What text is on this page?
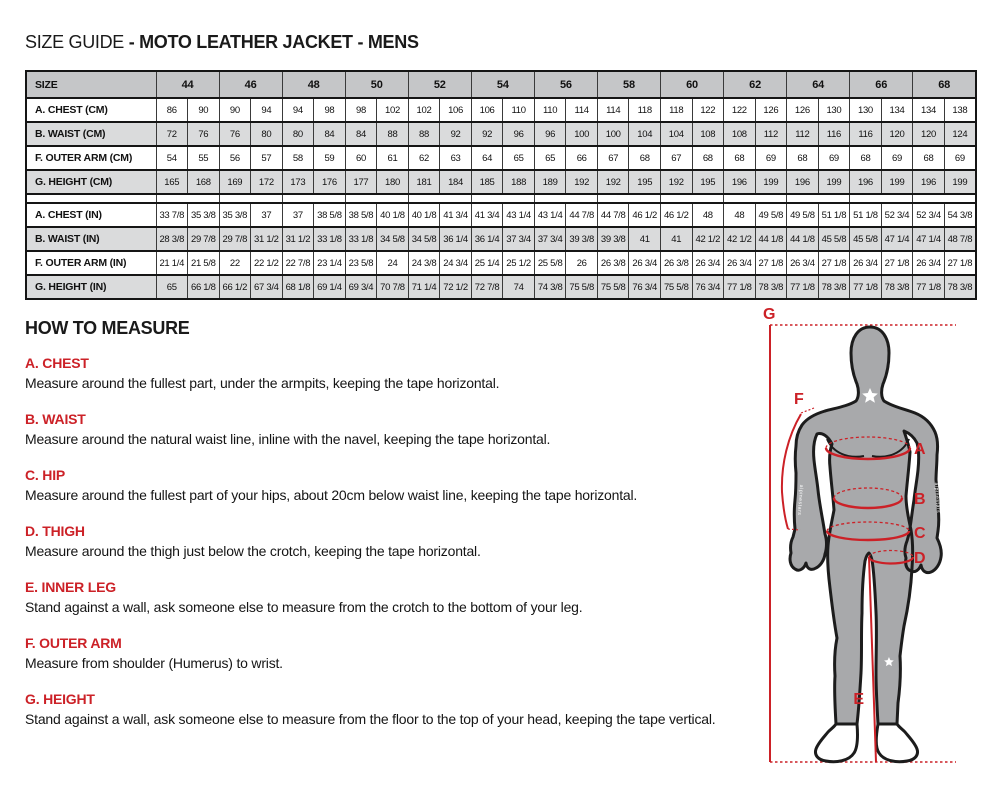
SIZE GUIDE - MOTO LEATHER JACKET - MENS
SIZE	44		46		48		50		52		54		56		58		60		62		64		66		68	
A. CHEST (CM)	86	90	90	94	94	98	98	102	102	106	106	110	110	114	114	118	118	122	122	126	126	130	130	134	134	138
B. WAIST (CM)	72	76	76	80	80	84	84	88	88	92	92	96	96	100	100	104	104	108	108	112	112	116	116	120	120	124
F. OUTER ARM (CM)	54	55	56	57	58	59	60	61	62	63	64	65	65	66	67	68	67	68	68	69	68	69	68	69	68	69
G. HEIGHT (CM)	165	168	169	172	173	176	177	180	181	184	185	188	189	192	192	195	192	195	196	199	196	199	196	199	196	199

A. CHEST (IN)	33 7/8	35 3/8	35 3/8	37	37	38 5/8	38 5/8	40 1/8	40 1/8	41 3/4	41 3/4	43 1/4	43 1/4	44 7/8	44 7/8	46 1/2	46 1/2	48	48	49 5/8	49 5/8	51 1/8	51 1/8	52 3/4	52 3/4	54 3/8
B. WAIST (IN)	28 3/8	29 7/8	29 7/8	31 1/2	31 1/2	33 1/8	33 1/8	34 5/8	34 5/8	36 1/4	36 1/4	37 3/4	37 3/4	39 3/8	39 3/8	41	41	42 1/2	42 1/2	44 1/8	44 1/8	45 5/8	45 5/8	47 1/4	47 1/4	48 7/8
F. OUTER ARM (IN)	21 1/4	21 5/8	22	22 1/2	22 7/8	23 1/4	23 5/8	24	24 3/8	24 3/4	25 1/4	25 1/2	25 5/8	26	26 3/8	26 3/4	26 3/8	26 3/4	26 3/4	27 1/8	26 3/4	27 1/8	26 3/4	27 1/8	26 3/4	27 1/8
G. HEIGHT (IN)	65	66 1/8	66 1/2	67 3/4	68 1/8	69 1/4	69 3/4	70 7/8	71 1/4	72 1/2	72 7/8	74	74 3/8	75 5/8	75 5/8	76 3/4	75 5/8	76 3/4	77 1/8	78 3/8	77 1/8	78 3/8	77 1/8	78 3/8	77 1/8	78 3/8
HOW TO MEASURE
A. CHEST
Measure around the fullest part, under the armpits, keeping the tape horizontal.
B. WAIST
Measure around the natural waist line, inline with the navel, keeping the tape horizontal.
C. HIP
Measure around the fullest part of your hips, about 20cm below waist line, keeping the tape horizontal.
D. THIGH
Measure around the thigh just below the crotch, keeping the tape horizontal.
E. INNER LEG
Stand against a wall, ask someone else to measure from the crotch to the bottom of your leg.
F. OUTER ARM
Measure from shoulder (Humerus) to wrist.
G. HEIGHT
Stand against a wall, ask someone else to measure from the floor to the top of your head, keeping the tape vertical.
alpinestars	alpinestars
G
F
A
B
C
D
E
